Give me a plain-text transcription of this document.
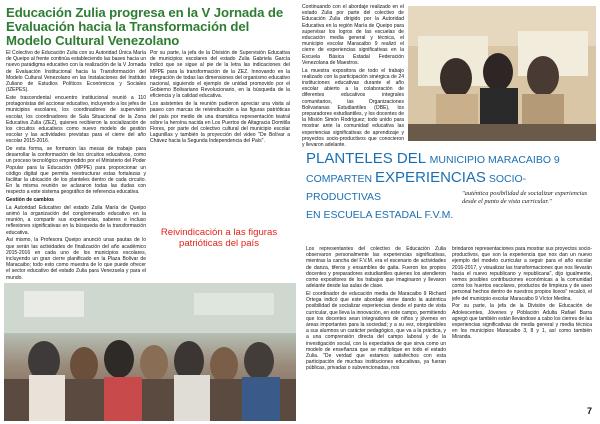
Educación Zulia progresa en la V Jornada de Evaluación hacia la Transformación del Modelo Cultural Venezolano

El Colectivo de Educación Zulia con su Autoridad Única María de Queipo al frente continúa estableciendo las bases hacia un nuevo paradigma educativo con la realización de la V Jornada de Evaluación Institucional hacia la Transformación del Modelo Cultural Venezolano en las Instalaciones del Instituto Zuliano de Estudios Políticos Económicos y Sociales (IZEPES).

Este trascendental encuentro institucional reunió a 110 protagonistas del accionar educativo, incluyendo a los jefes de municipios escolares, los coordinadores de supervisión escolar, los coordinadores de Sala Situacional de la Zona Educativa Zulia (ZEZ), quienes recibieron la socialización de los circuitos educativos como nuevo modelo de gestión escolar y las actividades previstas para el cierre del año escolar 2015-2016.

De esta forma, se formaron las mesas de trabajo para desarrollar la conformación de los circuitos educativos, como un proceso tecnológico emprendido por el Ministerio del Poder Popular para la Educación (MPPE) para proporcionar un código digital que permita reestructurar estas fortalezas y facilitar la ubicación de los planteles dentro de cada circuito. En la misma reunión se aclararon todas las dudas con respecto a este sistema geográfico de referencia educativa.

Gestión de cambios

La Autoridad Educativo del estado Zulia María de Queipo animó la organización del conglomerado educativo en la reunión, a compartir sus experiencias, saberes e incluso reflexiones significativas en la búsqueda de la transformación educativa.

Así mismo, la Profesora Queipo anunció unas pautas de lo que serán las actividades de finalización del año académico 2015-2016 en cada uno de los municipios escolares, incluyendo un gran cierre planificado en la Plaza Bolívar de Maracaibo; todo esto como muestra de lo que puede ofrecer el sector educativo del estado Zulia para Venezuela y para el mundo.

Por su parte, la jefa de la División de Supervisión Educativa de municipios escolares del estado Zulia Gabriela García indicó que se sigue al pie de la letra las indicaciones del MPPE para la transformación de la ZEZ. Innovando en la integración de todas las dimensiones del organismo educativo nacional, siguiendo el ejemplo de unidad promovido por el Gobierno Bolivariano Revolucionario, en la búsqueda de la eficiencia y la calidad educativa.

Los asistentes de la reunión pudieron apreciar una visita al paseo con marcas de reivindicación a las figuras patrióticas del país por medio de una dramática representación teatral sobre la heroína nacida en Los Puertos de Altagracia Domitila Flores, por parte del colectivo cultural del municipio escolar Lagunillas y también la proyección del video "De Bolívar a Chávez hacia la Segunda Independencia del País".

Reivindicación a las figuras patrióticas del país

Continuando con el abordaje realizado en el estado Zulia por parte del colectivo de Educación Zulia dirigido por la Autoridad Educativa en la región María de Queipo para supervisar los logros de las escuelas de educación media general y técnica, el municipio escolar Maracaibo 9 realizó el cierre de experiencias significativas en la Escuela Básica Estadal Federación Venezolana de Maestros.

La muestra expositora de todo el trabajo realizado con la participación sinérgica de 24 instituciones educativas durante el año escolar abierto a la colaboración de diferentes educativos integrales comunitarios, las Organizaciones Bolivarianas Estudiantiles (OBE), los preparadores estudiantiles, y los docentes de la Misión Simón Rodríguez; todo unido para mostrar ante la comunidad educativa las experiencias significativas de aprendizaje y proyectos socio-productivos que conocieron y llevaron adelante.

PLANTELES DEL MUNICIPIO MARACAIBO 9
COMPARTEN EXPERIENCIAS SOCIO-PRODUCTIVAS
EN ESCUELA ESTADAL F.V.M.
"auténtica posibilidad de socializar experiencias desde el punto de vista curricular."

Los representantes del colectivo de Educación Zulia observaron personalmente las experiencias significativas, mientras la cancha del F.V.M. era el escenario de actividades de danza, tiferos y ensambles de gaita. Fueron los propios docentes y preparadores estudiantiles quienes los atendieron como expositores de los trabajos que imaginaron y llevaron adelante desde las aulas de clase.

El coordinador de educación media de Maracaibo 9 Richard Ortega indicó que este abordaje viene dando la auténtica posibilidad de socializar experiencias desde el punto de vista curricular, que lleva la innovación, en este campo, permitiendo que los docentes sean integradores de niños y jóvenes en áreas importantes para la sociedad; y a su vez, otorgándoles a sus alumnos un carácter pedagógico, que va a la práctica, y a una comprensión directa del campo laboral y de la investigación social, con la expectativa de que sirva como un modelo de enseñanza que se multiplique en todo el estado Zulia. "De verdad que estamos satisfechos con esta participación de muchas instituciones educativas, ya fueran públicas, privadas o subvencionadas, nos

brindaron representaciones para mostrar sus proyectos socio-productivos, que son la experiencia que nos dan un nuevo ejemplo del modelo curricular a seguir para el año escolar 2016-2017, y visualizar las transformaciones que nos llevarán hacia el nuevo republicano y republicana", dijo igualmente, vemos posibles contribuciones económicas a la comunidad como los huertos escolares, productos de limpieza y de aseo personal hechos dentro de nuestros propios liceos" recalcó, el jefe del municipio escolar Maracaibo 9 Víctor Medina.

Por su parte, la jefa de la División de Educación de Adolescentes, Jóvenes y Población Adulta Rafael Barra agregó que también están llevándose a cabo los cierres de las experiencias significativas de media general y media técnica en los municipios Maracaibo 3, 8 y 1, así como también Miranda.

7
